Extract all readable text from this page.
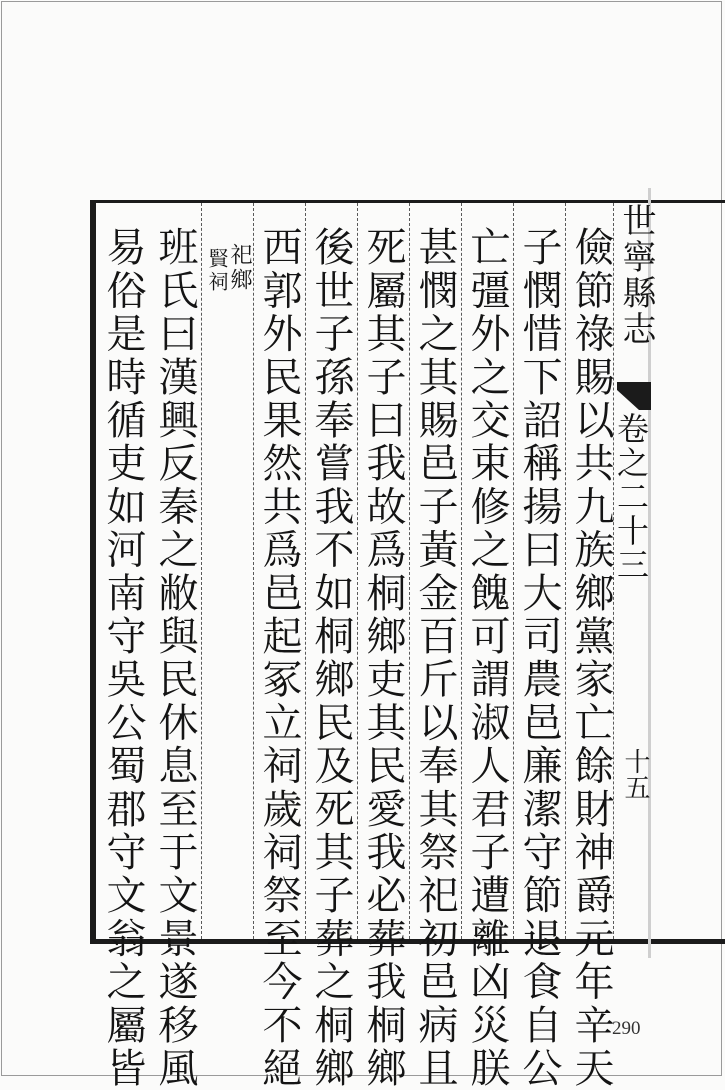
儉節祿賜以共九族鄉黨家亡餘財神爵元年辛天
子憫惜下詔稱揚曰大司農邑廉潔守節退食自公
亡彊外之交束修之餽可謂淑人君子遭離凶災朕
甚憫之其賜邑子黃金百斤以奉其祭祀初邑病且
死屬其子曰我故爲桐鄉吏其民愛我必葬我桐鄉
後世子孫奉嘗我不如桐鄉民及死其子葬之桐鄉
西郭外民果然共爲邑起冢立祠歲祠祭至今不絕
祀鄉
賢祠
班氏曰漢興反秦之敝與民休息至于文景遂移風
易俗是時循吏如河南守吳公蜀郡守文翁之屬皆	世寧縣志
卷之二十三
十五
290
